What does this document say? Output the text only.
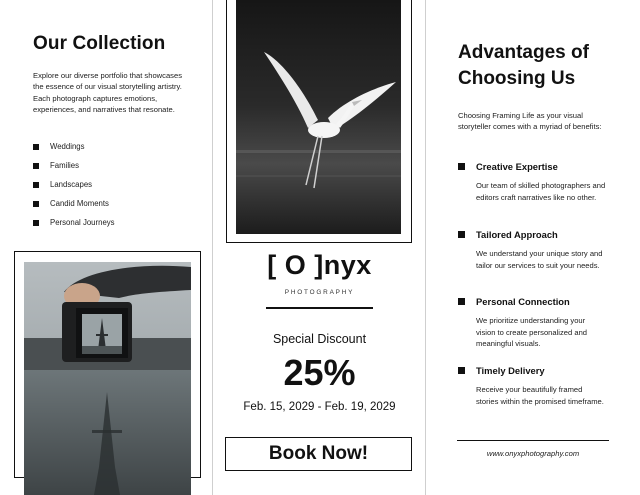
Our Collection

Explore our diverse portfolio that showcases the essence of our visual storytelling artistry. Each photograph captures emotions, experiences, and narratives that resonate.

Weddings
Families
Landscapes
Candid Moments
Personal Journeys
[ O ]nyx
PHOTOGRAPHY
Special Discount
25%
Feb. 15, 2029 - Feb. 19, 2029
Book Now!
Advantages of Choosing Us

Choosing Framing Life as your visual storyteller comes with a myriad of benefits:

Creative Expertise
Our team of skilled photographers and editors craft narratives like no other.
Tailored Approach
We understand your unique story and tailor our services to suit your needs.
Personal Connection
We prioritize understanding your vision to create personalized and meaningful visuals.
Timely Delivery
Receive your beautifully framed stories within the promised timeframe.
www.onyxphotography.com
